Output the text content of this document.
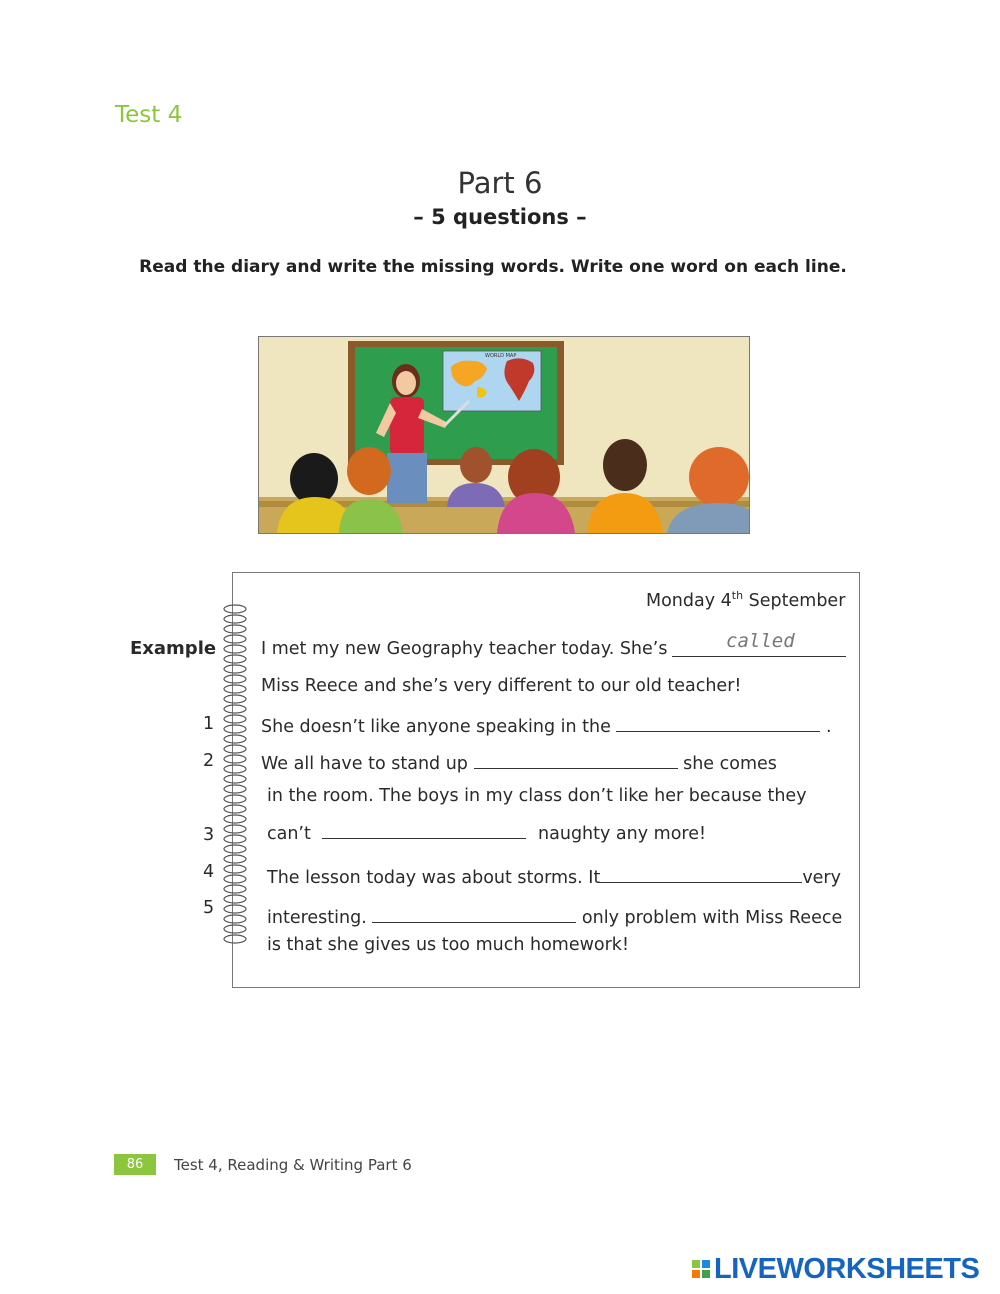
Test 4
Part 6
– 5 questions –
Read the diary and write the missing words. Write one word on each line.
WORLD MAP
Example
1
2
3
4
5
Monday 4th September
I met my new Geography teacher today. She’s	called
Miss Reece and she’s very different to our old teacher!
She doesn’t like anyone speaking in the	.
We all have to stand up	she comes
in the room. The boys in my class don’t like her because they
can’t	naughty any more!
The lesson today was about storms. It	very
interesting.	only problem with Miss Reece
is that she gives us too much homework!
86	Test 4, Reading & Writing Part 6
LIVEWORKSHEETS
